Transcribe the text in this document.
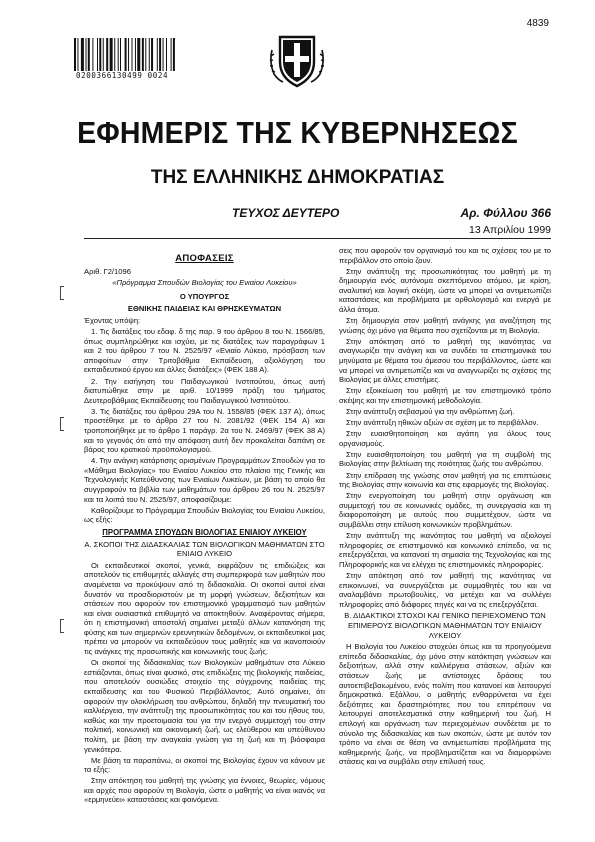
0200366130499 0024
4839
ΕΦΗΜΕΡΙΣ ΤΗΣ ΚΥΒΕΡΝΗΣΕΩΣ
ΤΗΣ ΕΛΛΗΝΙΚΗΣ ΔΗΜΟΚΡΑΤΙΑΣ
ΤΕΥΧΟΣ ΔΕΥΤΕΡΟ	Αρ. Φύλλου 366
13 Απριλίου 1999
ΑΠΟΦΑΣΕΙΣ
Αριθ. Γ2/1096
«Πρόγραμμα Σπουδών Βιολογίας του Ενιαίου Λυκείου»
Ο ΥΠΟΥΡΓΟΣ
ΕΘΝΙΚΗΣ ΠΑΙΔΕΙΑΣ ΚΑΙ ΘΡΗΣΚΕΥΜΑΤΩΝ

Έχοντας υπόψη:

1. Τις διατάξεις του εδαφ. δ της παρ. 9 του άρθρου 8 του Ν. 1566/85, όπως συμπληρώθηκε και ισχύει, με τις διατάξεις των παραγράφων 1 και 2 του άρθρου 7 του Ν. 2525/97 «Ενιαίο Λύκειο, πρόσβαση των αποφοίτων στην Τριτοβάθμια Εκπαίδευση, αξιολόγηση του εκπαιδευτικού έργου και άλλες διατάξεις» (ΦΕΚ 188 Α).

2. Την εισήγηση του Παιδαγωγικού Ινστιτούτου, όπως αυτή διατυπώθηκε στην με αριθ. 10/1999 πράξη του τμήματος Δευτεροβάθμιας Εκπαίδευσης του Παιδαγωγικού Ινστιτούτου.

3. Τις διατάξεις του άρθρου 29Α του Ν. 1558/85 (ΦΕΚ 137 Α), όπως προστέθηκε με το άρθρο 27 του Ν. 2081/92 (ΦΕΚ 154 Α) και τροποποιήθηκε με το άρθρο 1 παράγρ. 2α του Ν. 2469/97 (ΦΕΚ 38 Α) και το γεγονός ότι από την απόφαση αυτή δεν προκαλείται δαπάνη σε βάρος του κρατικού προϋπολογισμού.

4. Την ανάγκη κατάρτισης ορισμένων Προγραμμάτων Σπουδών για το «Μάθημα Βιολογίας» του Ενιαίου Λυκείου στο πλαίσιο της Γενικής και Τεχνολογικής Κατεύθυνσης των Ενιαίων Λυκείων, με βάση το οποίο θα συγγραφούν τα βιβλία των μαθημάτων του άρθρου 26 του Ν. 2525/97 και τα λοιπά του Ν. 2525/97, αποφασίζουμε:

Καθορίζουμε το Πρόγραμμα Σπουδών Βιολογίας του Ενιαίου Λυκείου, ως εξής:

ΠΡΟΓΡΑΜΜΑ ΣΠΟΥΔΩΝ ΒΙΟΛΟΓΙΑΣ ΕΝΙΑΙΟΥ ΛΥΚΕΙΟΥ
Α. ΣΚΟΠΟΙ ΤΗΣ ΔΙΔΑΣΚΑΛΙΑΣ ΤΩΝ ΒΙΟΛΟΓΙΚΩΝ ΜΑΘΗΜΑΤΩΝ ΣΤΟ ΕΝΙΑΙΟ ΛΥΚΕΙΟ

Οι εκπαιδευτικοί σκοποί, γενικά, εκφράζουν τις επιδιώξεις και αποτελούν τις επιθυμητές αλλαγές στη συμπεριφορά των μαθητών που αναμένεται να προκύψουν από τη διδασκαλία. Οι σκοποί αυτοί είναι δυνατόν να προσδιοριστούν με τη μορφή γνώσεων, δεξιοτήτων και στάσεων που αφορούν τον επιστημονικό γραμματισμό των μαθητών και είναι ουσιαστικά επιθυμητό να αποκτηθούν. Αναφέροντας σήμερα, ότι η επιστημονική αποστολή σημαίνει μεταξύ άλλων κατανόηση της φύσης και των σημερινών ερευνητικών δεδομένων, οι εκπαιδευτικοί μας πρέπει να μπορούν να εκπαιδεύουν τους μαθητές και να ικανοποιούν τις ανάγκες της προσωπικής και κοινωνικής τους ζωής.

Οι σκοποί της διδασκαλίας των Βιολογικών μαθημάτων στο Λύκειο εστιάζονται, όπως είναι φυσικό, στις επιδιώξεις της βιολογικής παιδείας, που αποτελούν ουσιώδες στοιχείο της σύγχρονης παιδείας της εκπαίδευσης και του Φυσικού Περιβάλλοντος. Αυτό σημαίνει, ότι αφορούν την ολοκλήρωση του ανθρώπου, δηλαδή την πνευματική του καλλιέργεια, την ανάπτυξη της προσωπικότητας του και του ήθους του, καθώς και την προετοιμασία του για την ενεργό συμμετοχή του στην πολιτική, κοινωνική και οικονομική ζωή, ως ελεύθερου και υπεύθυνου πολίτη, με βάση την αναγκαία γνώση για τη ζωή και τη βιόσφαιρα γενικότερα.

Με βάση τα παραπάνω, οι σκοποί της Βιολογίας έχουν να κάνουν με τα εξής:

Στην απόκτηση του μαθητή της γνώσης για έννοιες, θεωρίες, νόμους και αρχές που αφορούν τη Βιολογία, ώστε ο μαθητής να είναι ικανός να «ερμηνεύει» καταστάσεις και φαινόμενα.

σεις που αφορούν τον οργανισμό του και τις σχέσεις του με το περιβάλλον στο οποίο ζουν.

Στην ανάπτυξη της προσωπικότητας του μαθητή με τη δημιουργία ενός αυτόνομα σκεπτόμενου ατόμου, με κρίση, αναλυτική και λογική σκέψη, ώστε να μπορεί να αντιμετωπίζει καταστάσεις και προβλήματα με ορθολογισμό και ενεργά με άλλα άτομα.

Στη δημιουργία στον μαθητή ανάγκης για αναζήτηση της γνώσης όχι μόνο για θέματα που σχετίζονται με τη Βιολογία.

Στην απόκτηση από το μαθητή της ικανότητας να αναγνωρίζει την ανάγκη και να συνδέει τα επιστημονικά του μηνύματα με θέματα του άμεσου του περιβάλλοντος, ώστε και να μπορεί να αντιμετωπίζει και να αναγνωρίζει τις σχέσεις της Βιολογίας με άλλες επιστήμες.

Στην εξοικείωση του μαθητή με τον επιστημονικό τρόπο σκέψης και την επιστημονική μεθοδολογία.

Στην ανάπτυξη σεβασμού για την ανθρώπινη ζωή.

Στην ανάπτυξη ηθικών αξιών σε σχέση με το περιβάλλον.

Στην ευαισθητοποίηση και αγάπη για όλους τους οργανισμούς.

Στην ευαισθητοποίηση του μαθητή για τη συμβολή της Βιολογίας στην βελτίωση της ποιότητας ζωής του ανθρώπου.

Στην επίδραση της γνώσης στον μαθητή για τις επιπτώσεις της Βιολογίας στην κοινωνία και στις εφαρμογές της Βιολογίας.

Στην ενεργοποίηση του μαθητή στην οργάνωση και συμμετοχή του σε κοινωνικές ομάδες, τη συνεργασία και τη διαφοροποίηση με αυτούς που συμμετέχουν, ώστε να συμβάλλει στην επίλυση κοινωνικών προβλημάτων.

Στην ανάπτυξη της ικανότητας του μαθητή να αξιολογεί πληροφορίες σε επιστημονικό και κοινωνικό επίπεδο, να τις επεξεργάζεται, να κατανοεί τη σημασία της Τεχνολογίας και της Πληροφορικής και να ελέγχει τις επιστημονικές πληροφορίες.

Στην απόκτηση από τον μαθητή της ικανότητας να επικοινωνεί, να συνεργάζεται με συμμαθητές του και να αναλαμβάνει πρωτοβουλίες, να μετέχει και να συλλέγει πληροφορίες από διάφορες πηγές και να τις επεξεργάζεται.

Β. ΔΙΔΑΚΤΙΚΟΙ ΣΤΟΧΟΙ ΚΑΙ ΓΕΝΙΚΟ ΠΕΡΙΕΧΟΜΕΝΟ ΤΩΝ ΕΠΙΜΕΡΟΥΣ ΒΙΟΛΟΓΙΚΩΝ ΜΑΘΗΜΑΤΩΝ ΤΟΥ ΕΝΙΑΙΟΥ ΛΥΚΕΙΟΥ

Η Βιολογία του Λυκείου στοχεύει όπως και τα προηγούμενα επίπεδα διδασκαλίας, όχι μόνο στην κατάκτηση γνώσεων και δεξιοτήτων, αλλά στην καλλιέργεια στάσεων, αξιών και στάσεων ζωής με αντίστοιχες δράσεις του αυτοεπιβεβαιωμένου, ενός πολίτη που κατανοεί και λειτουργεί δημοκρατικά. Εξάλλου, ο μαθητής ενθαρρύνεται να έχει δεξιότητες και δραστηριότητες που του επιτρέπουν να λειτουργεί αποτελεσματικά στην καθημερινή του ζωή. Η επιλογή και οργάνωση των περιεχομένων συνδέεται με το σύνολο της διδασκαλίας και των σκοπών, ώστε με αυτόν τον τρόπο να είναι σε θέση να αντιμετωπίσει προβλήματα της καθημερινής ζωής, να προβληματίζεται και να διαμορφώνει στάσεις και να συμβάλει στην επίλυσή τους.
